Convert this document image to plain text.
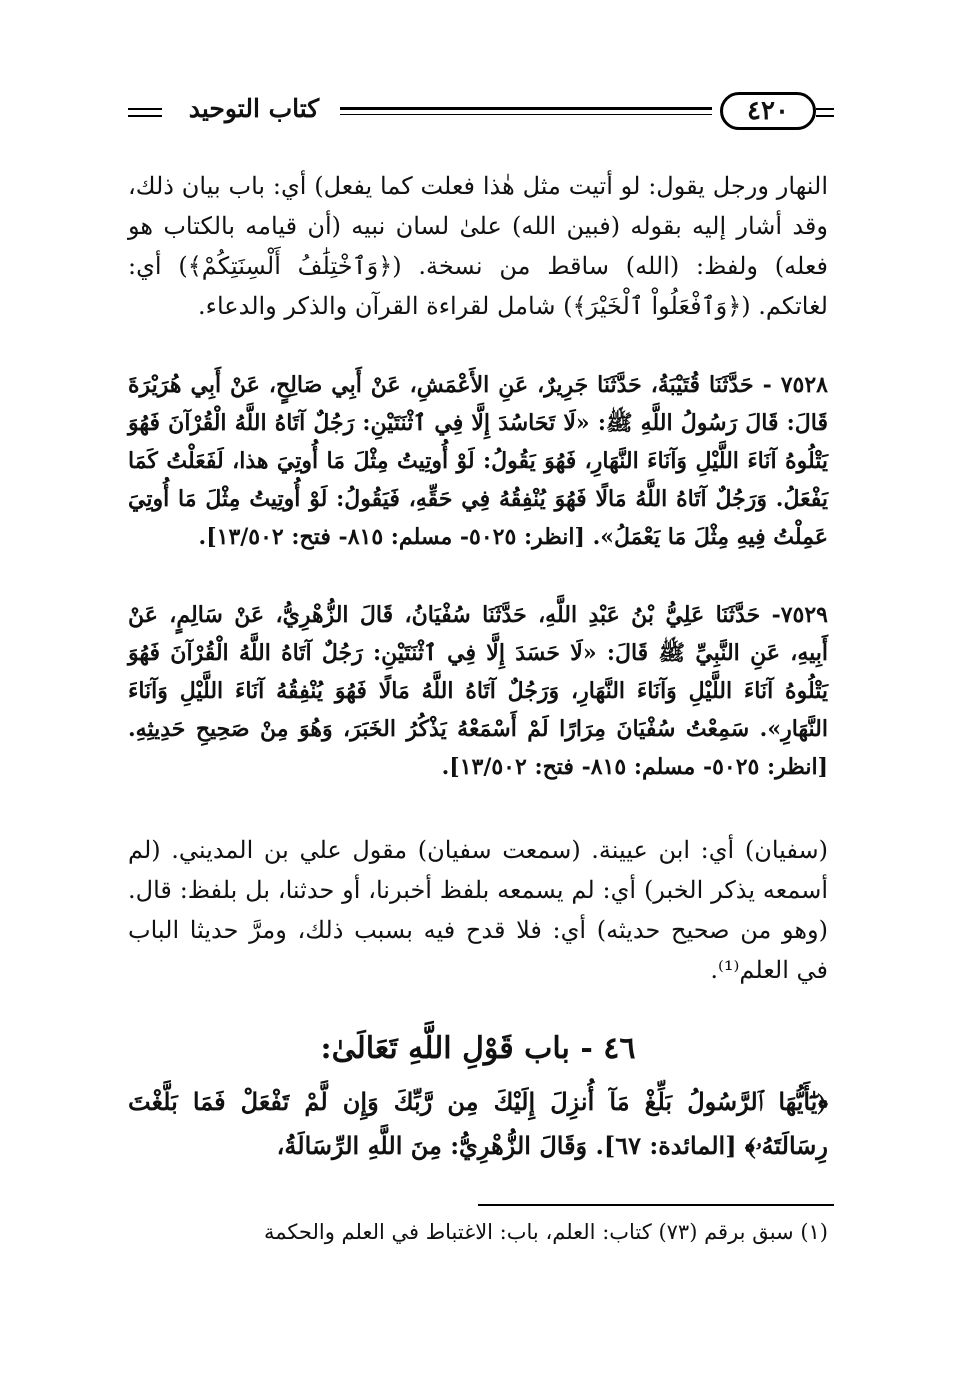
كتاب التوحيد	٤٢٠

النهار ورجل يقول: لو أتيت مثل هٰذا فعلت كما يفعل) أي: باب بيان ذلك، وقد أشار إليه بقوله (فبين الله) علىٰ لسان نبيه (أن قيامه بالكتاب هو فعله) ولفظ: (الله) ساقط من نسخة. (﴿وَٱخْتِلَٰفُ أَلْسِنَتِكُمْ﴾) أي: لغاتكم. (﴿وَٱفْعَلُواْ ٱلْخَيْرَ﴾) شامل لقراءة القرآن والذكر والدعاء.

٧٥٢٨ - حَدَّثَنَا قُتَيْبَةُ، حَدَّثَنَا جَرِيرٌ، عَنِ الأَعْمَشِ، عَنْ أَبِي صَالِحٍ، عَنْ أَبِي هُرَيْرَةَ قَالَ: قَالَ رَسُولُ اللَّهِ ﷺ: «لَا تَحَاسُدَ إِلَّا فِي ٱثْنَتَيْنِ: رَجُلٌ آتَاهُ اللَّهُ الْقُرْآنَ فَهُوَ يَتْلُوهُ آنَاءَ اللَّيْلِ وَآنَاءَ النَّهَارِ، فَهُوَ يَقُولُ: لَوْ أُوتِيتُ مِثْلَ مَا أُوتِيَ هذا، لَفَعَلْتُ كَمَا يَفْعَلُ. وَرَجُلٌ آتَاهُ اللَّهُ مَالًا فَهُوَ يُنْفِقُهُ فِي حَقِّهِ، فَيَقُولُ: لَوْ أُوتِيتُ مِثْلَ مَا أُوتِيَ عَمِلْتُ فِيهِ مِثْلَ مَا يَعْمَلُ». [انظر: ٥٠٢٥- مسلم: ٨١٥- فتح: ١٣/٥٠٢].

٧٥٢٩- حَدَّثَنَا عَلِيُّ بْنُ عَبْدِ اللَّهِ، حَدَّثَنَا سُفْيَانُ، قَالَ الزُّهْرِيُّ، عَنْ سَالِمٍ، عَنْ أَبِيهِ، عَنِ النَّبِيِّ ﷺ قَالَ: «لَا حَسَدَ إِلَّا فِي ٱثْنَتَيْنِ: رَجُلٌ آتَاهُ اللَّهُ الْقُرْآنَ فَهُوَ يَتْلُوهُ آنَاءَ اللَّيْلِ وَآنَاءَ النَّهَارِ، وَرَجُلٌ آتَاهُ اللَّهُ مَالًا فَهُوَ يُنْفِقُهُ آنَاءَ اللَّيْلِ وَآنَاءَ النَّهَارِ». سَمِعْتُ سُفْيَانَ مِرَارًا لَمْ أَسْمَعْهُ يَذْكُرُ الخَبَرَ، وَهُوَ مِنْ صَحِيحِ حَدِيثِهِ. [انظر: ٥٠٢٥- مسلم: ٨١٥- فتح: ١٣/٥٠٢].

(سفيان) أي: ابن عيينة. (سمعت سفيان) مقول علي بن المديني. (لم أسمعه يذكر الخبر) أي: لم يسمعه بلفظ أخبرنا، أو حدثنا، بل بلفظ: قال. (وهو من صحيح حديثه) أي: فلا قدح فيه بسبب ذلك، ومرَّ حديثا الباب في العلم⁽¹⁾.

٤٦ - باب قَوْلِ اللَّهِ تَعَالَىٰ:

﴿يَٰٓأَيُّهَا ٱلرَّسُولُ بَلِّغْ مَآ أُنزِلَ إِلَيْكَ مِن رَّبِّكَ وَإِن لَّمْ تَفْعَلْ فَمَا بَلَّغْتَ رِسَالَتَهُۥ﴾ [المائدة: ٦٧]. وَقَالَ الزُّهْرِيُّ: مِنَ اللَّهِ الرِّسَالَةُ،

(١) سبق برقم (٧٣) كتاب: العلم، باب: الاغتباط في العلم والحكمة
